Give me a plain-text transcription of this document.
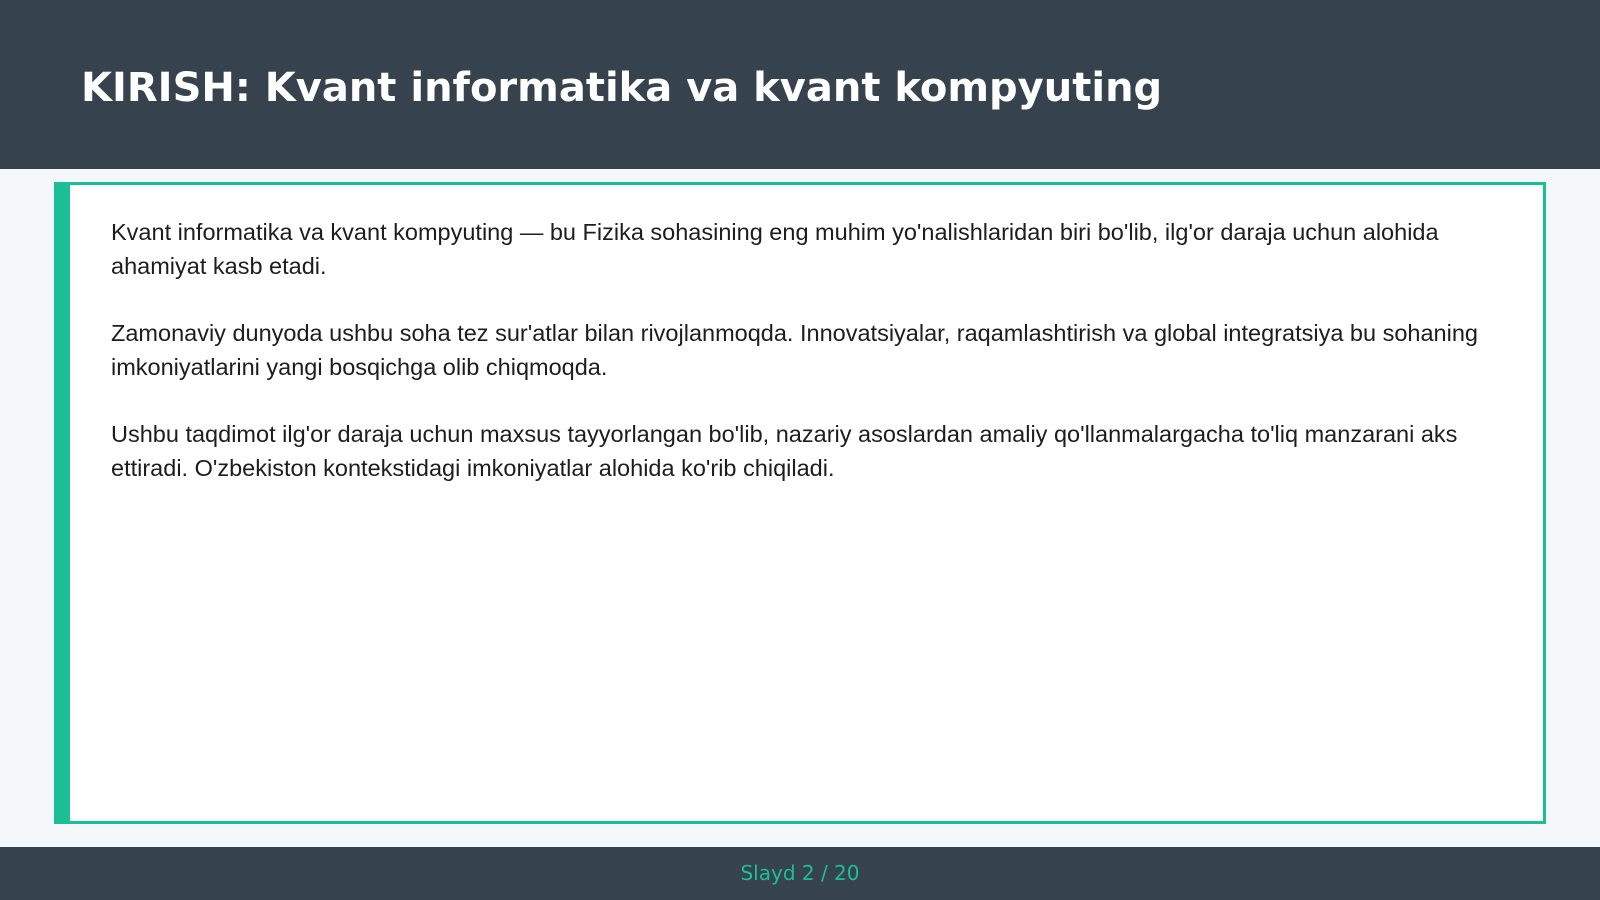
KIRISH: Kvant informatika va kvant kompyuting

Kvant informatika va kvant kompyuting — bu Fizika sohasining eng muhim yo'nalishlaridan biri bo'lib, ilg'or daraja uchun alohida ahamiyat kasb etadi.

Zamonaviy dunyoda ushbu soha tez sur'atlar bilan rivojlanmoqda. Innovatsiyalar, raqamlashtirish va global integratsiya bu sohaning imkoniyatlarini yangi bosqichga olib chiqmoqda.

Ushbu taqdimot ilg'or daraja uchun maxsus tayyorlangan bo'lib, nazariy asoslardan amaliy qo'llanmalargacha to'liq manzarani aks ettiradi. O'zbekiston kontekstidagi imkoniyatlar alohida ko'rib chiqiladi.

Slayd 2 / 20
